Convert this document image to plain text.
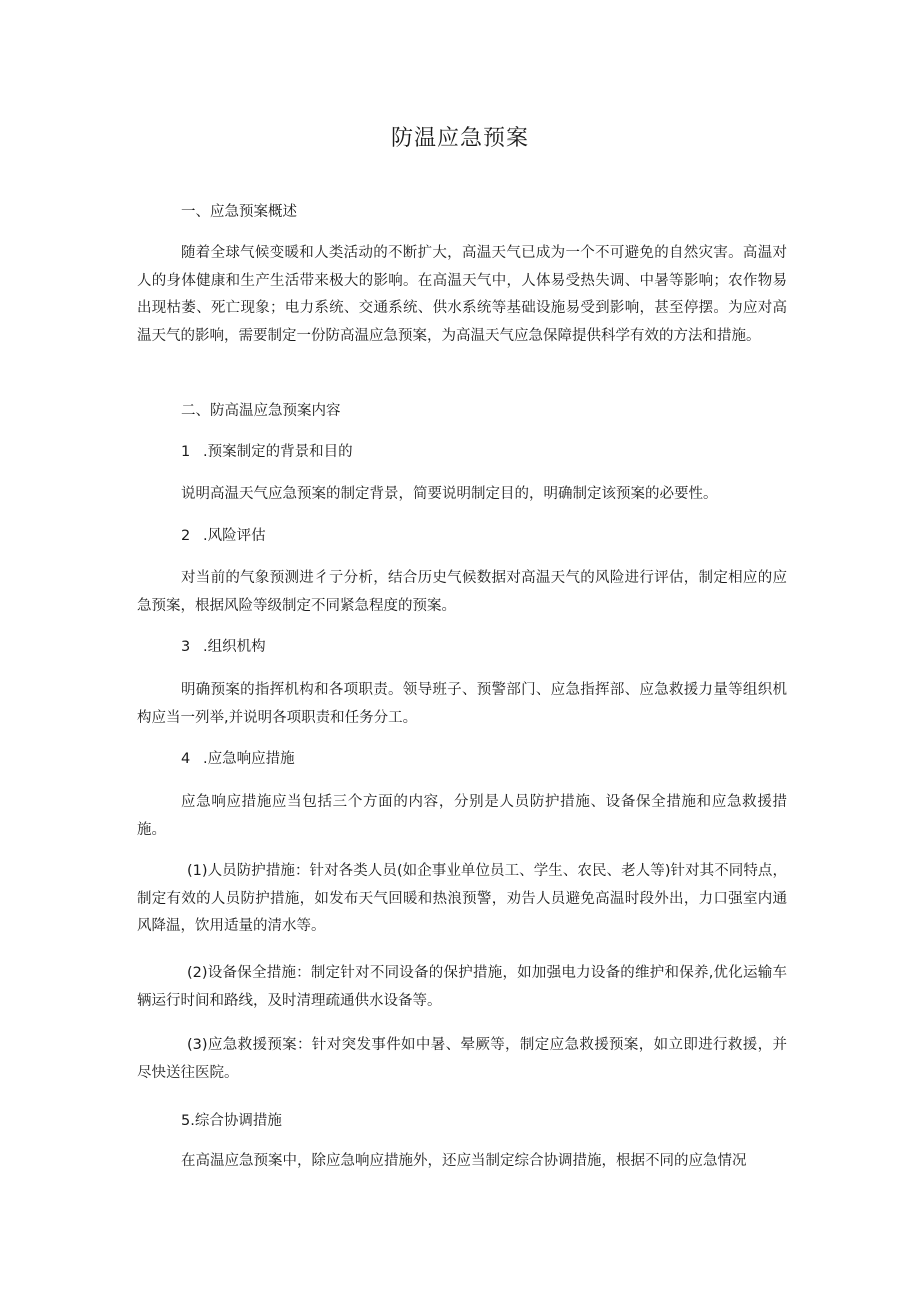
防温应急预案

一、应急预案概述

随着全球气候变暖和人类活动的不断扩大，高温天气已成为一个不可避免的自然灾害。高温对人的身体健康和生产生活带来极大的影响。在高温天气中，人体易受热失调、中暑等影响；农作物易出现枯萎、死亡现象；电力系统、交通系统、供水系统等基础设施易受到影响，甚至停摆。为应对高温天气的影响，需要制定一份防高温应急预案，为高温天气应急保障提供科学有效的方法和措施。

二、防高温应急预案内容

1 .预案制定的背景和目的

说明高温天气应急预案的制定背景，简要说明制定目的，明确制定该预案的必要性。

2 .风险评估

对当前的气象预测进彳亍分析，结合历史气候数据对高温天气的风险进行评估，制定相应的应急预案，根据风险等级制定不同紧急程度的预案。

3 .组织机构

明确预案的指挥机构和各项职责。领导班子、预警部门、应急指挥部、应急救援力量等组织机构应当一列举,并说明各项职责和任务分工。

4 .应急响应措施

应急响应措施应当包括三个方面的内容，分别是人员防护措施、设备保全措施和应急救援措施。

(1)人员防护措施：针对各类人员(如企事业单位员工、学生、农民、老人等)针对其不同特点，制定有效的人员防护措施，如发布天气回暖和热浪预警，劝告人员避免高温时段外出，力口强室内通风降温，饮用适量的清水等。

(2)设备保全措施：制定针对不同设备的保护措施，如加强电力设备的维护和保养,优化运输车辆运行时间和路线，及时清理疏通供水设备等。

(3)应急救援预案：针对突发事件如中暑、晕厥等，制定应急救援预案，如立即进行救援，并尽快送往医院。

5.综合协调措施

在高温应急预案中，除应急响应措施外，还应当制定综合协调措施，根据不同的应急情况
